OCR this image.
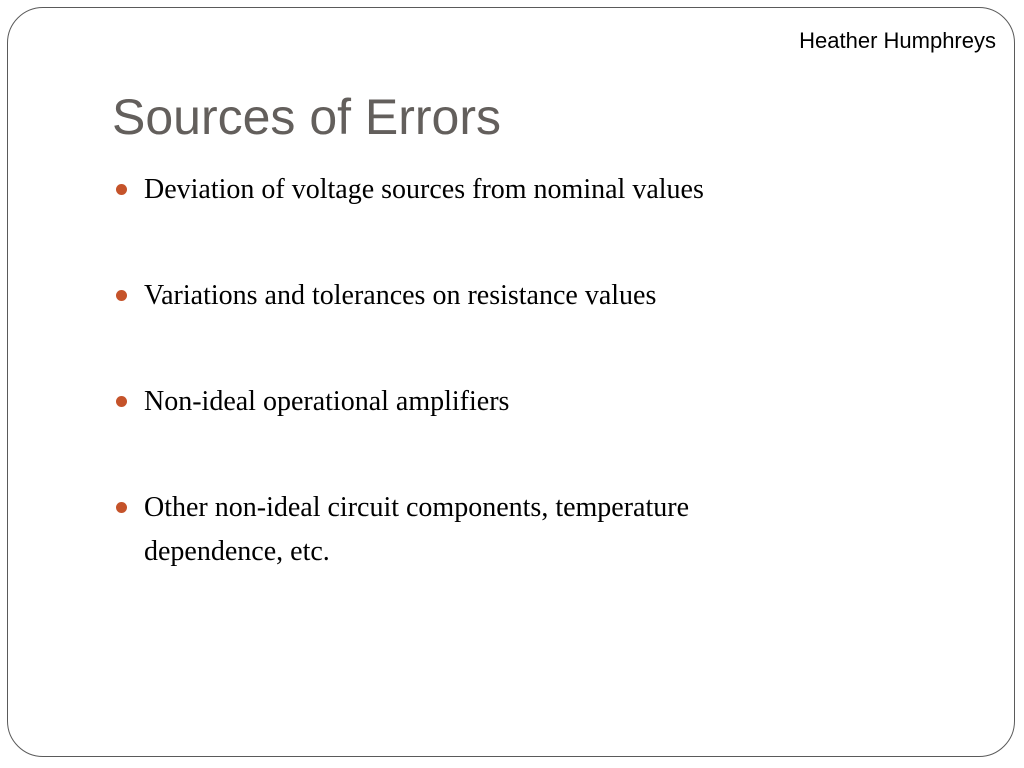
Heather Humphreys
Sources of Errors
Deviation of voltage sources from nominal values
Variations and tolerances on resistance values
Non-ideal operational amplifiers
Other non-ideal circuit components, temperature dependence, etc.
